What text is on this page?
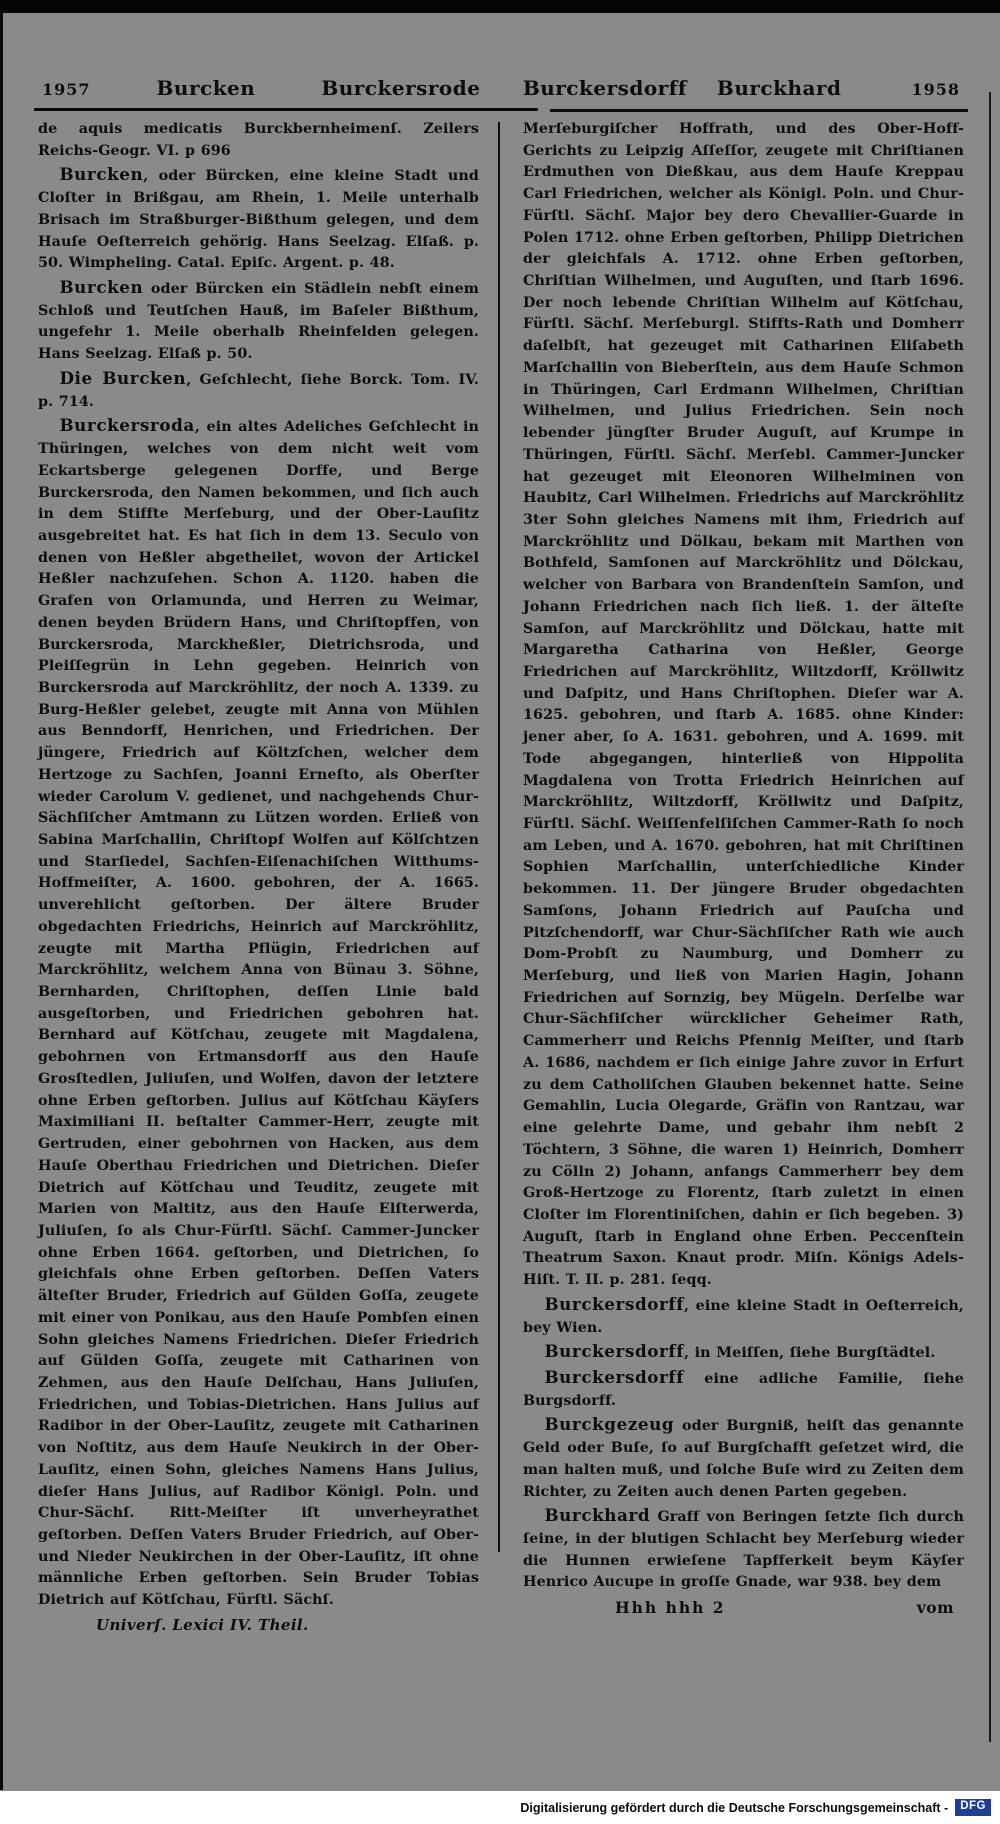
1957	Burcken	Burckersrode Burckersdorff Burckhard	1958

de aquis medicatis Burckbernheimenſ. Zeilers Reichs-Geogr. VI. p 696

Burcken, oder Bürcken, eine kleine Stadt und Cloſter in Brißgau, am Rhein, 1. Meile unterhalb Brisach im Straßburger-Bißthum gelegen, und dem Hauſe Oeſterreich gehörig. Hans Seelzag. Elſaß. p. 50. Wimpheling. Catal. Epiſc. Argent. p. 48.

Burcken oder Bürcken ein Städlein nebſt einem Schloß und Teutſchen Hauß, im Baſeler Bißthum, ungefehr 1. Meile oberhalb Rheinfelden gelegen. Hans Seelzag. Elſaß p. 50.

Die Burcken, Geſchlecht, ſiehe Borck. Tom. IV. p. 714.

Burckersroda, ein altes Adeliches Geſchlecht in Thüringen, welches von dem nicht weit vom Eckartsberge gelegenen Dorffe, und Berge Burckersroda, den Namen bekommen, und ſich auch in dem Stiffte Merſeburg, und der Ober-Lauſitz ausgebreitet hat. Es hat ſich in dem 13. Seculo von denen von Heßler abgetheilet, wovon der Artickel Heßler nachzuſehen. Schon A. 1120. haben die Grafen von Orlamunda, und Herren zu Weimar, denen beyden Brüdern Hans, und Chriſtopffen, von Burckersroda, Marckheßler, Dietrichsroda, und Pleiſſegrün in Lehn gegeben. Heinrich von Burckersroda auf Marckröhlitz, der noch A. 1339. zu Burg-Heßler gelebet, zeugte mit Anna von Mühlen aus Benndorff, Henrichen, und Friedrichen. Der jüngere, Friedrich auf Költzſchen, welcher dem Hertzoge zu Sachſen, Joanni Erneſto, als Oberſter wieder Carolum V. gedienet, und nachgehends Chur-Sächſiſcher Amtmann zu Lützen worden. Erließ von Sabina Marſchallin, Chriſtopf Wolfen auf Kölſchtzen und Starſiedel, Sachſen-Eiſenachiſchen Witthums-Hoffmeiſter, A. 1600. gebohren, der A. 1665. unverehlicht geſtorben. Der ältere Bruder obgedachten Friedrichs, Heinrich auf Marckröhlitz, zeugte mit Martha Pflügin, Friedrichen auf Marckröhlitz, welchem Anna von Bünau 3. Söhne, Bernharden, Chriſtophen, deſſen Linie bald ausgeſtorben, und Friedrichen gebohren hat. Bernhard auf Kötſchau, zeugete mit Magdalena, gebohrnen von Ertmansdorff aus den Hauſe Grosſtedlen, Juliuſen, und Wolfen, davon der letztere ohne Erben geſtorben. Julius auf Kötſchau Käyſers Maximiliani II. beſtalter Cammer-Herr, zeugte mit Gertruden, einer gebohrnen von Hacken, aus dem Hauſe Oberthau Friedrichen und Dietrichen. Dieſer Dietrich auf Kötſchau und Teuditz, zeugete mit Marien von Maltitz, aus den Hauſe Elſterwerda, Juliuſen, ſo als Chur-Fürſtl. Sächſ. Cammer-Juncker ohne Erben 1664. geſtorben, und Dietrichen, ſo gleichfals ohne Erben geſtorben. Deſſen Vaters älteſter Bruder, Friedrich auf Gülden Goſſa, zeugete mit einer von Ponikau, aus den Hauſe Pombſen einen Sohn gleiches Namens Friedrichen. Dieſer Friedrich auf Gülden Goſſa, zeugete mit Catharinen von Zehmen, aus den Hauſe Delſchau, Hans Juliuſen, Friedrichen, und Tobias-Dietrichen. Hans Julius auf Radibor in der Ober-Lauſitz, zeugete mit Catharinen von Noſtitz, aus dem Hauſe Neukirch in der Ober-Lauſitz, einen Sohn, gleiches Namens Hans Julius, dieſer Hans Julius, auf Radibor Königl. Poln. und Chur-Sächſ. Ritt-Meiſter iſt unverheyrathet geſtorben. Deſſen Vaters Bruder Friedrich, auf Ober- und Nieder Neukirchen in der Ober-Lauſitz, iſt ohne männliche Erben geſtorben. Sein Bruder Tobias Dietrich auf Kötſchau, Fürſtl. Sächſ.

Univerſ. Lexici IV. Theil.

Merſeburgiſcher Hoffrath, und des Ober-Hoff-Gerichts zu Leipzig Aſſeſſor, zeugete mit Chriſtianen Erdmuthen von Dießkau, aus dem Hauſe Kreppau Carl Friedrichen, welcher als Königl. Poln. und Chur-Fürſtl. Sächſ. Major bey dero Chevallier-Guarde in Polen 1712. ohne Erben geſtorben, Philipp Dietrichen der gleichfals A. 1712. ohne Erben geſtorben, Chriſtian Wilhelmen, und Auguſten, und ſtarb 1696. Der noch lebende Chriſtian Wilhelm auf Kötſchau, Fürſtl. Sächſ. Merſeburgl. Stiffts-Rath und Domherr daſelbſt, hat gezeuget mit Catharinen Eliſabeth Marſchallin von Bieberſtein, aus dem Hauſe Schmon in Thüringen, Carl Erdmann Wilhelmen, Chriſtian Wilhelmen, und Julius Friedrichen. Sein noch lebender jüngſter Bruder Auguſt, auf Krumpe in Thüringen, Fürſtl. Sächſ. Merſebl. Cammer-Juncker hat gezeuget mit Eleonoren Wilhelminen von Haubitz, Carl Wilhelmen. Friedrichs auf Marckröhlitz 3ter Sohn gleiches Namens mit ihm, Friedrich auf Marckröhlitz und Dölkau, bekam mit Marthen von Bothfeld, Samſonen auf Marckröhlitz und Dölckau, welcher von Barbara von Brandenſtein Samſon, und Johann Friedrichen nach ſich ließ. 1. der älteſte Samſon, auf Marckröhlitz und Dölckau, hatte mit Margaretha Catharina von Heßler, George Friedrichen auf Marckröhlitz, Wiltzdorff, Kröllwitz und Daſpitz, und Hans Chriſtophen. Dieſer war A. 1625. gebohren, und ſtarb A. 1685. ohne Kinder: jener aber, ſo A. 1631. gebohren, und A. 1699. mit Tode abgegangen, hinterließ von Hippolita Magdalena von Trotta Friedrich Heinrichen auf Marckröhlitz, Wiltzdorff, Kröllwitz und Daſpitz, Fürſtl. Sächſ. Weiſſenfelſiſchen Cammer-Rath ſo noch am Leben, und A. 1670. gebohren, hat mit Chriſtinen Sophien Marſchallin, unterſchiedliche Kinder bekommen. 11. Der jüngere Bruder obgedachten Samſons, Johann Friedrich auf Pauſcha und Pitzſchendorff, war Chur-Sächſiſcher Rath wie auch Dom-Probſt zu Naumburg, und Domherr zu Merſeburg, und ließ von Marien Hagin, Johann Friedrichen auf Sornzig, bey Mügeln. Derſelbe war Chur-Sächſiſcher würcklicher Geheimer Rath, Cammerherr und Reichs Pfennig Meiſter, und ſtarb A. 1686, nachdem er ſich einige Jahre zuvor in Erfurt zu dem Catholiſchen Glauben bekennet hatte. Seine Gemahlin, Lucia Olegarde, Gräfin von Rantzau, war eine gelehrte Dame, und gebahr ihm nebſt 2 Töchtern, 3 Söhne, die waren 1) Heinrich, Domherr zu Cölln 2) Johann, anfangs Cammerherr bey dem Groß-Hertzoge zu Florentz, ſtarb zuletzt in einen Cloſter im Florentiniſchen, dahin er ſich begeben. 3) Auguſt, ſtarb in England ohne Erben. Peccenſtein Theatrum Saxon. Knaut prodr. Miſn. Königs Adels-Hiſt. T. II. p. 281. ſeqq.

Burckersdorff, eine kleine Stadt in Oeſterreich, bey Wien.

Burckersdorff, in Meiſſen, ſiehe Burgſtädtel.

Burckersdorff eine adliche Familie, ſiehe Burgsdorff.

Burckgezeug oder Burgniß, heiſt das genannte Geld oder Buſe, ſo auf Burgſchafft geſetzet wird, die man halten muß, und ſolche Buſe wird zu Zeiten dem Richter, zu Zeiten auch denen Parten gegeben.

Burckhard Graff von Beringen ſetzte ſich durch ſeine, in der blutigen Schlacht bey Merſeburg wieder die Hunnen erwieſene Tapfferkeit beym Käyſer Henrico Aucupe in groſſe Gnade, war 938. bey dem

Hhh hhh 2	vom
Digitalisierung gefördert durch die Deutsche Forschungsgemeinschaft -	DFG
